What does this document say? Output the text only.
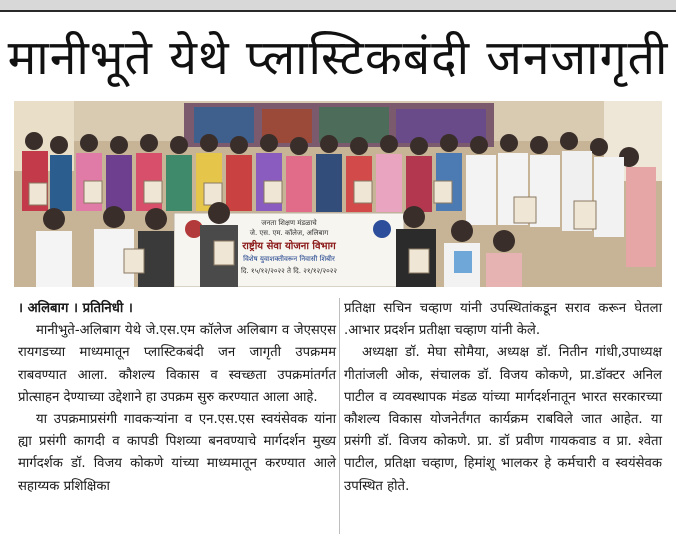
मानीभूते येथे प्लास्टिकबंदी जनजागृती
जनता शिक्षण मंडळाचे
जे. एस. एम. कॉलेज, अलिबाग
राष्ट्रीय सेवा योजना विभाग
विशेष युवाशक्तीवरून निवासी शिबीर
दि. १५/१२/२०२२ ते दि. २१/१२/२०२२

। अलिबाग । प्रतिनिधी ।

मानीभुते-अलिबाग येथे जे.एस.एम कॉलेज अलिबाग व जेएसएस रायगडच्या माध्यमातून प्लास्टिकबंदी जन जागृती उपक्रमम राबवण्यात आला. कौशल्य विकास व स्वच्छता उपक्रमांतर्गत प्रोत्साहन देण्याच्या उद्देशाने हा उपक्रम सुरु करण्यात आला आहे.

या उपक्रमाप्रसंगी गावकऱ्यांना व एन.एस.एस स्वयंसेवक यांना ह्या प्रसंगी कागदी व कापडी पिशव्या बनवण्याचे मार्गदर्शन मुख्य मार्गदर्शक डॉ. विजय कोकणे यांच्या माध्यमातून करण्यात आले सहाय्यक प्रशिक्षिका

प्रतिक्षा सचिन चव्हाण यांनी उपस्थितांकडून सराव करून घेतला .आभार प्रदर्शन प्रतीक्षा चव्हाण यांनी केले.

अध्यक्षा डॉ. मेघा सोमैया, अध्यक्ष डॉ. नितीन गांधी,उपाध्यक्ष गीतांजली ओक, संचालक डॉ. विजय कोकणे, प्रा.डॉक्टर अनिल पाटील व व्यवस्थापक मंडळ यांच्या मार्गदर्शनातून भारत सरकारच्या कौशल्य विकास योजनेर्तंगत कार्यक्रम राबविले जात आहेत. या प्रसंगी डॉ. विजय कोकणे. प्रा. डॉ प्रवीण गायकवाड व प्रा. श्वेता पाटील, प्रतिक्षा चव्हाण, हिमांशू भालकर हे कर्मचारी व स्वयंसेवक उपस्थित होते.
